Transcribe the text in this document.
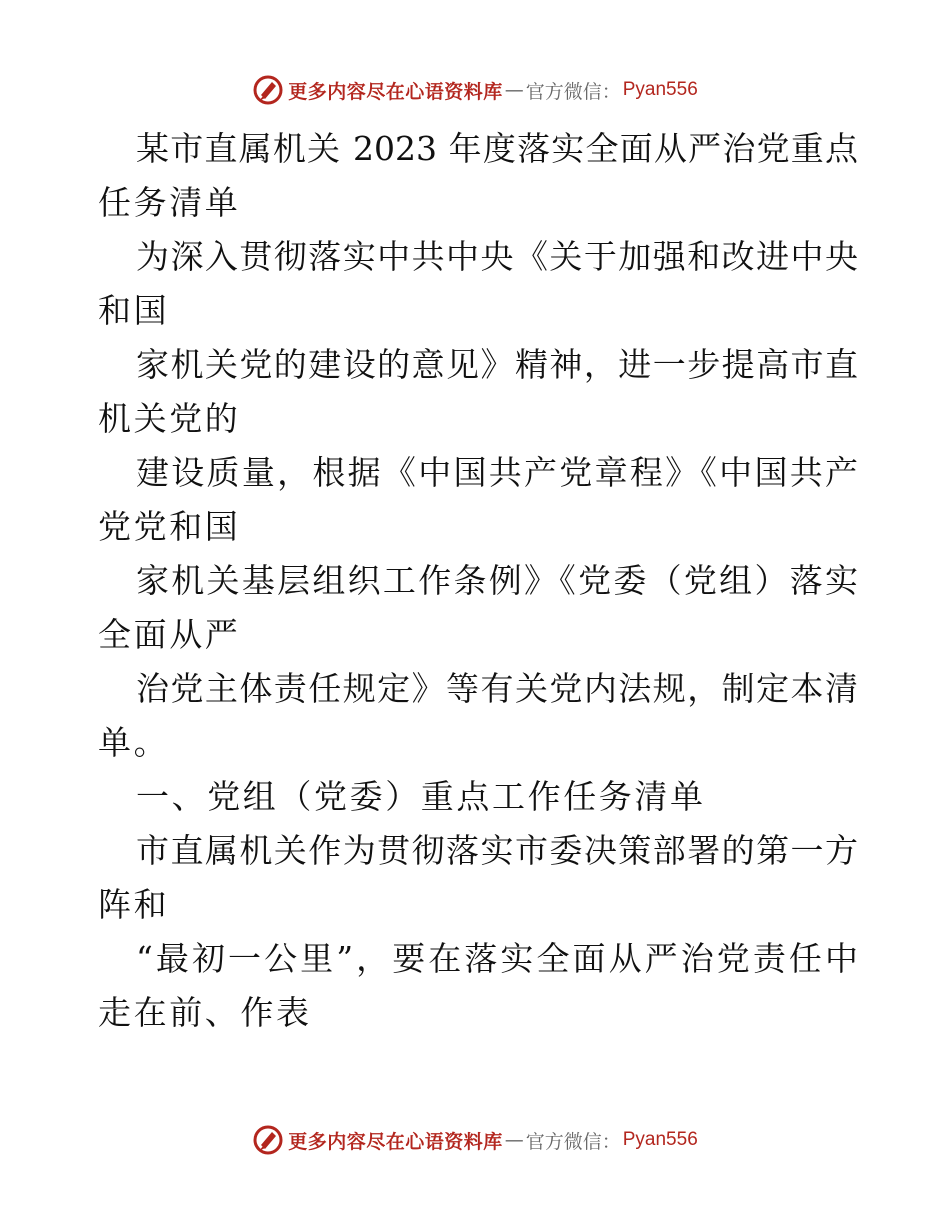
更多内容尽在心语资料库 — 官方微信： Pyan556
某市直属机关 2023 年度落实全面从严治党重点
任务清单
为深入贯彻落实中共中央《关于加强和改进中央
和国
家机关党的建设的意见》精神，进一步提高市直
机关党的
建设质量，根据《中国共产党章程》《中国共产
党党和国
家机关基层组织工作条例》《党委（党组）落实
全面从严
治党主体责任规定》等有关党内法规，制定本清
单。
一、党组（党委）重点工作任务清单
市直属机关作为贯彻落实市委决策部署的第一方
阵和
“最初一公里”，要在落实全面从严治党责任中
走在前、作表
更多内容尽在心语资料库 — 官方微信： Pyan556
